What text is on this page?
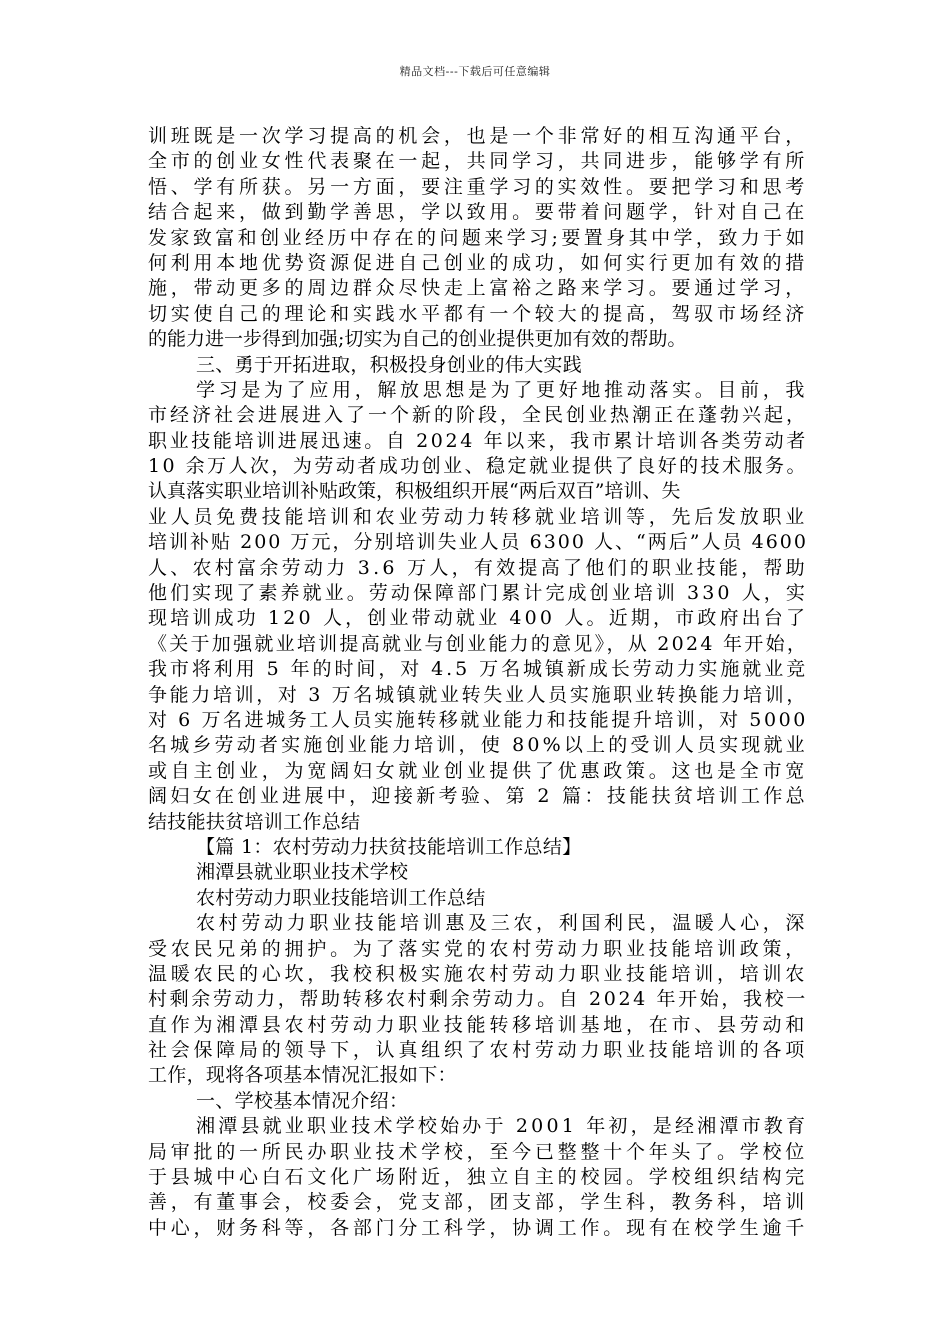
精品文档---下载后可任意编辑
训班既是一次学习提高的机会，也是一个非常好的相互沟通平台，
全市的创业女性代表聚在一起，共同学习，共同进步，能够学有所
悟、学有所获。另一方面，要注重学习的实效性。要把学习和思考
结合起来，做到勤学善思，学以致用。要带着问题学，针对自己在
发家致富和创业经历中存在的问题来学习;要置身其中学，致力于如
何利用本地优势资源促进自己创业的成功，如何实行更加有效的措
施，带动更多的周边群众尽快走上富裕之路来学习。要通过学习，
切实使自己的理论和实践水平都有一个较大的提高，驾驭市场经济
的能力进一步得到加强;切实为自己的创业提供更加有效的帮助。
三、勇于开拓进取，积极投身创业的伟大实践
学习是为了应用，解放思想是为了更好地推动落实。目前，我
市经济社会进展进入了一个新的阶段，全民创业热潮正在蓬勃兴起，
职业技能培训进展迅速。自 2024 年以来，我市累计培训各类劳动者
10 余万人次，为劳动者成功创业、稳定就业提供了良好的技术服务。
认真落实职业培训补贴政策，积极组织开展“两后双百”培训、失
业人员免费技能培训和农业劳动力转移就业培训等，先后发放职业
培训补贴 200 万元，分别培训失业人员 6300 人、“两后”人员 4600
人、农村富余劳动力 3.6 万人，有效提高了他们的职业技能，帮助
他们实现了素养就业。劳动保障部门累计完成创业培训 330 人，实
现培训成功 120 人，创业带动就业 400 人。近期，市政府出台了
《关于加强就业培训提高就业与创业能力的意见》，从 2024 年开始，
我市将利用 5 年的时间，对 4.5 万名城镇新成长劳动力实施就业竞
争能力培训，对 3 万名城镇就业转失业人员实施职业转换能力培训，
对 6 万名进城务工人员实施转移就业能力和技能提升培训，对 5000
名城乡劳动者实施创业能力培训，使 80%以上的受训人员实现就业
或自主创业，为宽阔妇女就业创业提供了优惠政策。这也是全市宽
阔妇女在创业进展中，迎接新考验、第 2 篇：技能扶贫培训工作总
结技能扶贫培训工作总结
【篇 1：农村劳动力扶贫技能培训工作总结】
湘潭县就业职业技术学校
农村劳动力职业技能培训工作总结
农村劳动力职业技能培训惠及三农，利国利民，温暖人心，深
受农民兄弟的拥护。为了落实党的农村劳动力职业技能培训政策，
温暖农民的心坎，我校积极实施农村劳动力职业技能培训，培训农
村剩余劳动力，帮助转移农村剩余劳动力。自 2024 年开始，我校一
直作为湘潭县农村劳动力职业技能转移培训基地，在市、县劳动和
社会保障局的领导下，认真组织了农村劳动力职业技能培训的各项
工作，现将各项基本情况汇报如下：
一、学校基本情况介绍：
湘潭县就业职业技术学校始办于 2001 年初，是经湘潭市教育
局审批的一所民办职业技术学校，至今已整整十个年头了。学校位
于县城中心白石文化广场附近，独立自主的校园。学校组织结构完
善，有董事会，校委会，党支部，团支部，学生科，教务科，培训
中心，财务科等，各部门分工科学，协调工作。现有在校学生逾千
